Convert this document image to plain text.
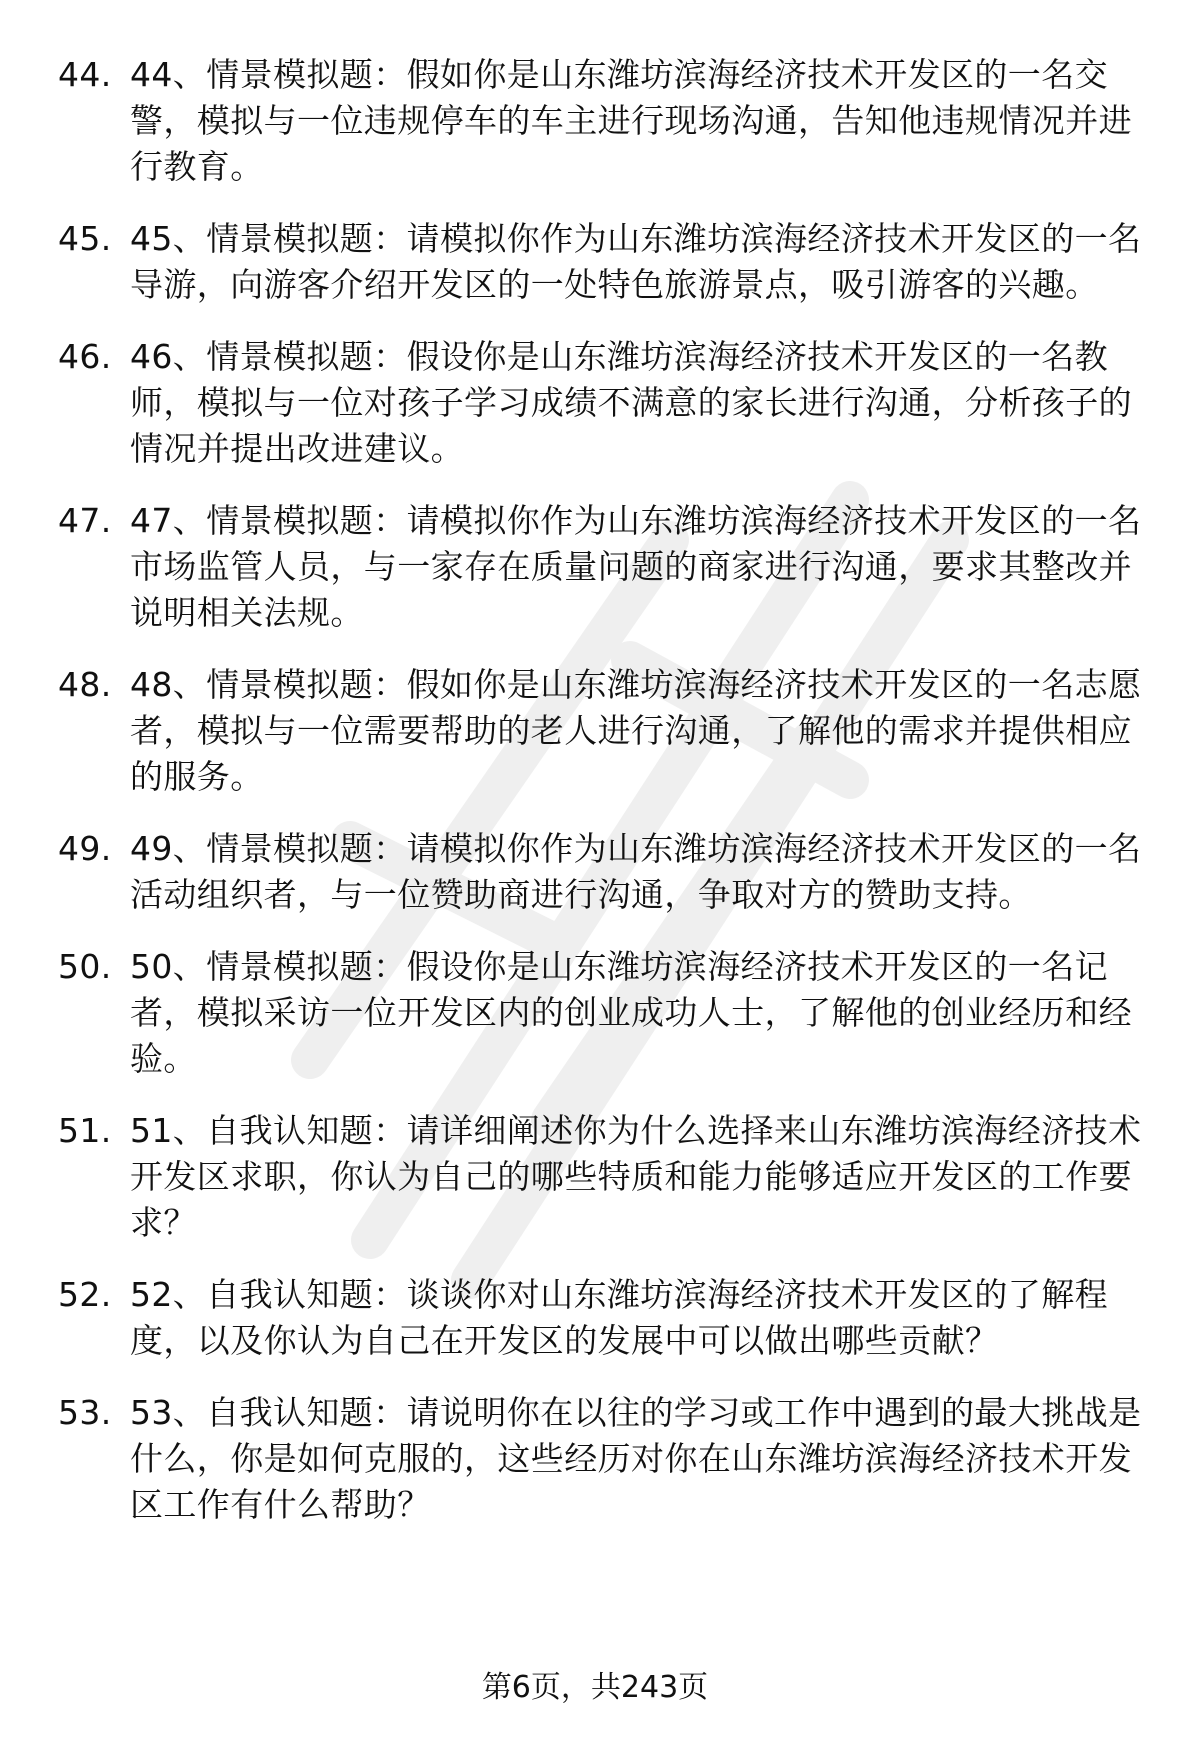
44. 44、情景模拟题：假如你是山东潍坊滨海经济技术开发区的一名交警，模拟与一位违规停车的车主进行现场沟通，告知他违规情况并进行教育。
45. 45、情景模拟题：请模拟你作为山东潍坊滨海经济技术开发区的一名导游，向游客介绍开发区的一处特色旅游景点，吸引游客的兴趣。
46. 46、情景模拟题：假设你是山东潍坊滨海经济技术开发区的一名教师，模拟与一位对孩子学习成绩不满意的家长进行沟通，分析孩子的情况并提出改进建议。
47. 47、情景模拟题：请模拟你作为山东潍坊滨海经济技术开发区的一名市场监管人员，与一家存在质量问题的商家进行沟通，要求其整改并说明相关法规。
48. 48、情景模拟题：假如你是山东潍坊滨海经济技术开发区的一名志愿者，模拟与一位需要帮助的老人进行沟通，了解他的需求并提供相应的服务。
49. 49、情景模拟题：请模拟你作为山东潍坊滨海经济技术开发区的一名活动组织者，与一位赞助商进行沟通，争取对方的赞助支持。
50. 50、情景模拟题：假设你是山东潍坊滨海经济技术开发区的一名记者，模拟采访一位开发区内的创业成功人士，了解他的创业经历和经验。
51. 51、自我认知题：请详细阐述你为什么选择来山东潍坊滨海经济技术开发区求职，你认为自己的哪些特质和能力能够适应开发区的工作要求？
52. 52、自我认知题：谈谈你对山东潍坊滨海经济技术开发区的了解程度，以及你认为自己在开发区的发展中可以做出哪些贡献？
53. 53、自我认知题：请说明你在以往的学习或工作中遇到的最大挑战是什么，你是如何克服的，这些经历对你在山东潍坊滨海经济技术开发区工作有什么帮助？
第6页，共243页
